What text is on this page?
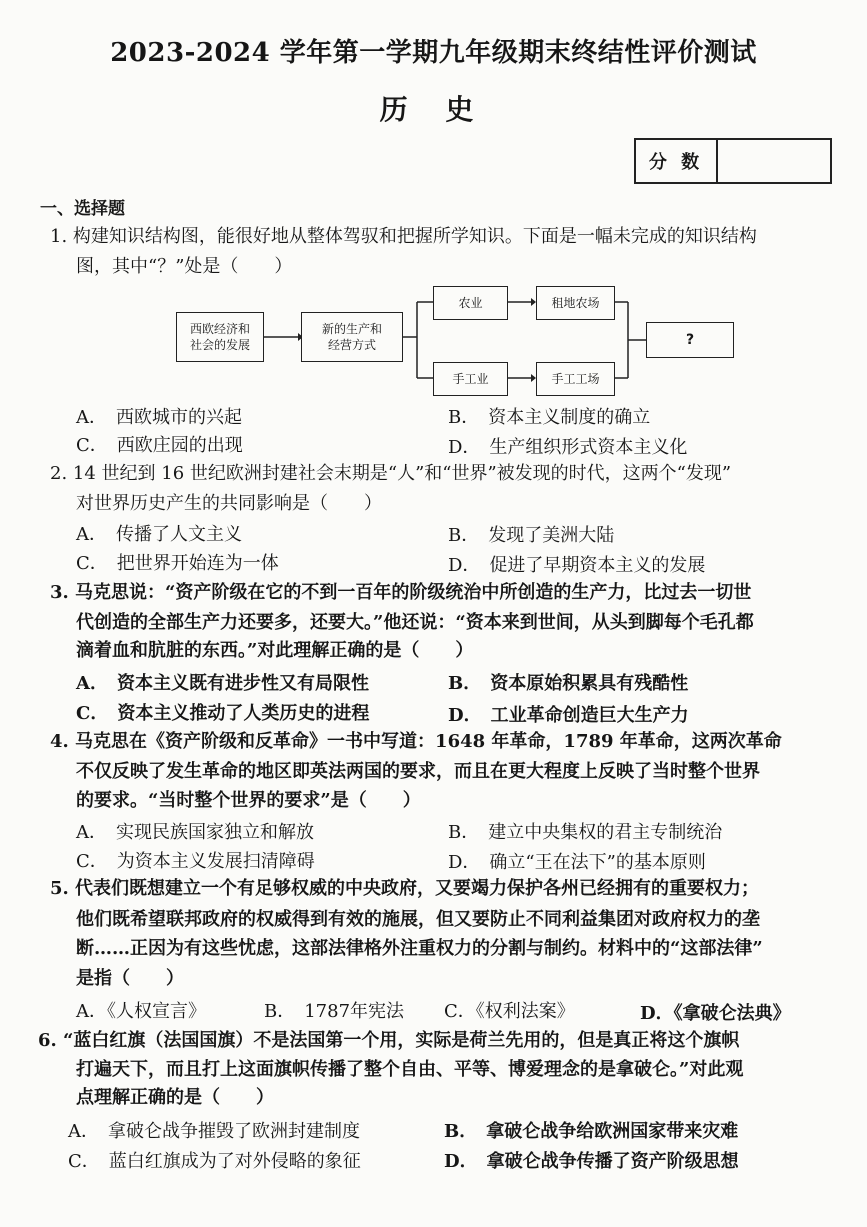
2023-2024 学年第一学期九年级期末终结性评价测试
历 史
分 数
一、选择题
1. 构建知识结构图，能很好地从整体驾驭和把握所学知识。下面是一幅未完成的知识结构
图，其中“？”处是（　　）
西欧经济和
社会的发展
新的生产和
经营方式
农业	租地农场
手工业	手工工场
?
A．　西欧城市的兴起	B．　资本主义制度的确立
C．　西欧庄园的出现	D．　生产组织形式资本主义化
2. 14 世纪到 16 世纪欧洲封建社会末期是“人”和“世界”被发现的时代，这两个“发现”
对世界历史产生的共同影响是（　　）
A．　传播了人文主义	B．　发现了美洲大陆
C．　把世界开始连为一体	D．　促进了早期资本主义的发展
3. 马克思说：“资产阶级在它的不到一百年的阶级统治中所创造的生产力，比过去一切世
代创造的全部生产力还要多，还要大。”他还说：“资本来到世间，从头到脚每个毛孔都
滴着血和肮脏的东西。”对此理解正确的是（　　）
A．　资本主义既有进步性又有局限性	B．　资本原始积累具有残酷性
C．　资本主义推动了人类历史的进程	D．　工业革命创造巨大生产力
4. 马克思在《资产阶级和反革命》一书中写道：1648 年革命，1789 年革命，这两次革命
不仅反映了发生革命的地区即英法两国的要求，而且在更大程度上反映了当时整个世界
的要求。“当时整个世界的要求”是（　　）
A．　实现民族国家独立和解放	B．　建立中央集权的君主专制统治
C．　为资本主义发展扫清障碍	D．　确立“王在法下”的基本原则
5. 代表们既想建立一个有足够权威的中央政府，又要竭力保护各州已经拥有的重要权力；
他们既希望联邦政府的权威得到有效的施展，但又要防止不同利益集团对政府权力的垄
断……正因为有这些忧虑，这部法律格外注重权力的分割与制约。材料中的“这部法律”
是指（　　）
A．《人权宣言》	B．　1787年宪法 C．《权利法案》	D．《拿破仑法典》
6. “蓝白红旗（法国国旗）不是法国第一个用，实际是荷兰先用的，但是真正将这个旗帜
打遍天下，而且打上这面旗帜传播了整个自由、平等、博爱理念的是拿破仑。”对此观
点理解正确的是（　　）
A．　拿破仑战争摧毁了欧洲封建制度	B．　拿破仑战争给欧洲国家带来灾难
C．　蓝白红旗成为了对外侵略的象征	D．　拿破仑战争传播了资产阶级思想
